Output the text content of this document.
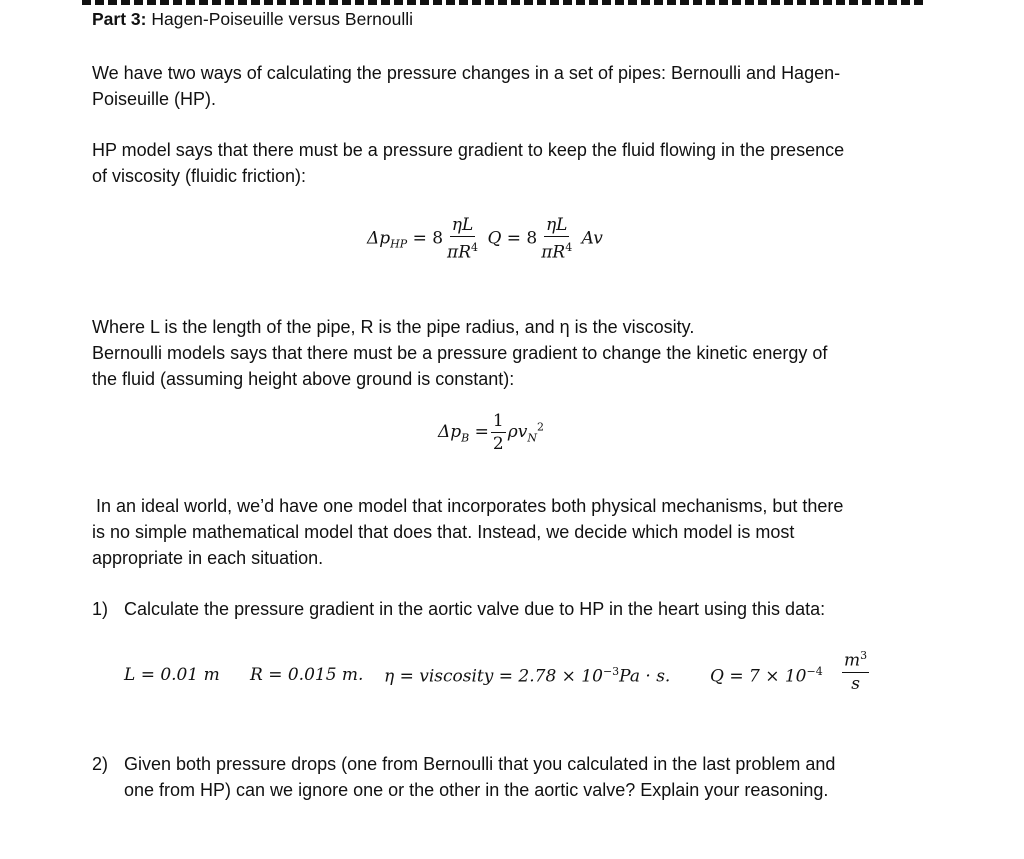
Part 3: Hagen-Poiseuille versus Bernoulli
We have two ways of calculating the pressure changes in a set of pipes: Bernoulli and Hagen-
Poiseuille (HP).
HP model says that there must be a pressure gradient to keep the fluid flowing in the presence
of viscosity (fluidic friction):
$\Delta p_{HP} = 8 \frac{\eta L}{\pi R^4}$ $Q = 8 \frac{\eta L}{\pi R^4}$ Av
Where L is the length of the pipe, R is the pipe radius, and η is the viscosity.
Bernoulli models says that there must be a pressure gradient to change the kinetic energy of
the fluid (assuming height above ground is constant):
$\Delta p_B = \frac{1}{2} \rho v_N^2$
In an ideal world, we’d have one model that incorporates both physical mechanisms, but there
is no simple mathematical model that does that. Instead, we decide which model is most
appropriate in each situation.
1) Calculate the pressure gradient in the aortic valve due to HP in the heart using this data:
L = 0.01 m R = 0.015 m. η = viscosity = $2.78 \times 10^{-3}Pa \cdot s$. $Q = 7 \times 10^{-4} \frac{m^3}{s}$
2) Given both pressure drops (one from Bernoulli that you calculated in the last problem and
one from HP) can we ignore one or the other in the aortic valve? Explain your reasoning.
